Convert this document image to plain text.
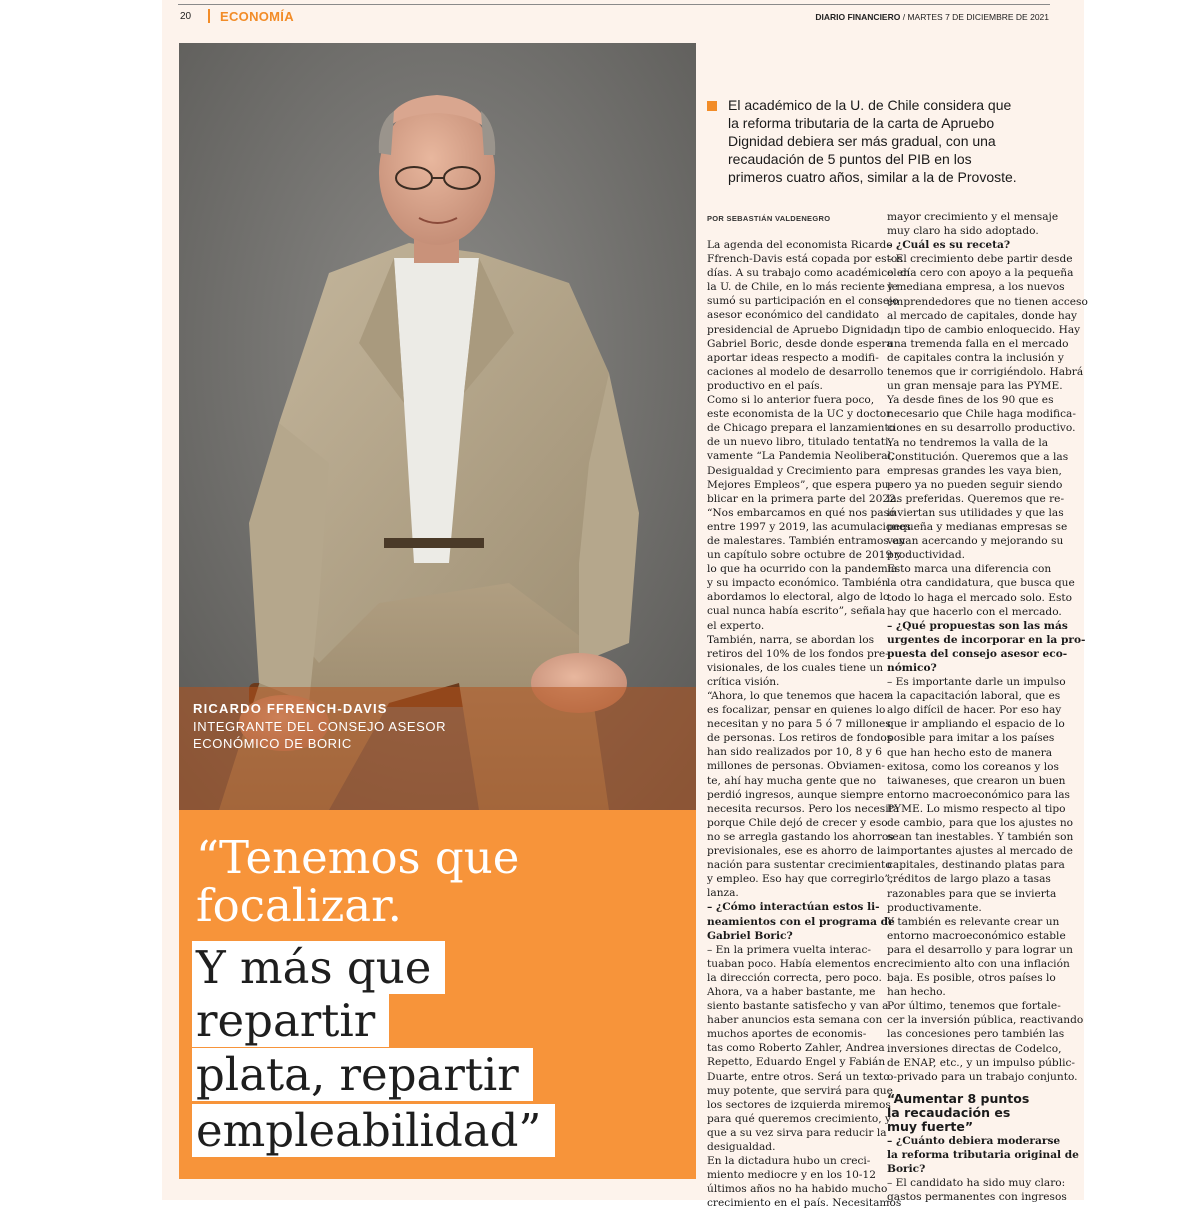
20 ECONOMÍA	DIARIO FINANCIERO / MARTES 7 DE DICIEMBRE DE 2021
RICARDO FFRENCH-DAVIS
INTEGRANTE DEL CONSEJO ASESOR
ECONÓMICO DE BORIC
“Tenemos que
focalizar.
Y más que
repartir
plata, repartir
empleabilidad”
El académico de la U. de Chile considera que
la reforma tributaria de la carta de Apruebo
Dignidad debiera ser más gradual, con una
recaudación de 5 puntos del PIB en los
primeros cuatro años, similar a la de Provoste.
POR SEBASTIÁN VALDENEGRO
La agenda del economista Ricardo
Ffrench-Davis está copada por estos
días. A su trabajo como académico en
la U. de Chile, en lo más reciente le
sumó su participación en el consejo
asesor económico del candidato
presidencial de Apruebo Dignidad,
Gabriel Boric, desde donde espera
aportar ideas respecto a modifi-
caciones al modelo de desarrollo
productivo en el país.
Como si lo anterior fuera poco,
este economista de la UC y doctor
de Chicago prepara el lanzamiento
de un nuevo libro, titulado tentati-
vamente “La Pandemia Neoliberal,
Desigualdad y Crecimiento para
Mejores Empleos”, que espera pu-
blicar en la primera parte del 2022.
“Nos embarcamos en qué nos pasó
entre 1997 y 2019, las acumulaciones
de malestares. También entramos en
un capítulo sobre octubre de 2019 y
lo que ha ocurrido con la pandemia
y su impacto económico. También
abordamos lo electoral, algo de lo
cual nunca había escrito”, señala
el experto.
También, narra, se abordan los
retiros del 10% de los fondos pre-
visionales, de los cuales tiene un
crítica visión.
“Ahora, lo que tenemos que hacer
es focalizar, pensar en quienes lo
necesitan y no para 5 ó 7 millones
de personas. Los retiros de fondos
han sido realizados por 10, 8 y 6
millones de personas. Obviamen-
te, ahí hay mucha gente que no
perdió ingresos, aunque siempre
necesita recursos. Pero los necesita
porque Chile dejó de crecer y eso
no se arregla gastando los ahorros
previsionales, ese es ahorro de la
nación para sustentar crecimiento
y empleo. Eso hay que corregirlo”,
lanza.
– ¿Cómo interactúan estos li-
neamientos con el programa de
Gabriel Boric?
– En la primera vuelta interac-
tuaban poco. Había elementos en
la dirección correcta, pero poco.
Ahora, va a haber bastante, me
siento bastante satisfecho y van a
haber anuncios esta semana con
muchos aportes de economis-
tas como Roberto Zahler, Andrea
Repetto, Eduardo Engel y Fabián
Duarte, entre otros. Será un texto
muy potente, que servirá para que
los sectores de izquierda miremos
para qué queremos crecimiento, y
que a su vez sirva para reducir la
desigualdad.
En la dictadura hubo un creci-
miento mediocre y en los 10-12
últimos años no ha habido mucho
crecimiento en el país. Necesitamos
mayor crecimiento y el mensaje
muy claro ha sido adoptado.
– ¿Cuál es su receta?
– El crecimiento debe partir desde
el día cero con apoyo a la pequeña
y mediana empresa, a los nuevos
emprendedores que no tienen acceso
al mercado de capitales, donde hay
un tipo de cambio enloquecido. Hay
una tremenda falla en el mercado
de capitales contra la inclusión y
tenemos que ir corrigiéndolo. Habrá
un gran mensaje para las PYME.
Ya desde fines de los 90 que es
necesario que Chile haga modifica-
ciones en su desarrollo productivo.
Ya no tendremos la valla de la
Constitución. Queremos que a las
empresas grandes les vaya bien,
pero ya no pueden seguir siendo
las preferidas. Queremos que re-
inviertan sus utilidades y que las
pequeña y medianas empresas se
vayan acercando y mejorando su
productividad.
Esto marca una diferencia con
la otra candidatura, que busca que
todo lo haga el mercado solo. Esto
hay que hacerlo con el mercado.
– ¿Qué propuestas son las más
urgentes de incorporar en la pro-
puesta del consejo asesor eco-
nómico?
– Es importante darle un impulso
a la capacitación laboral, que es
algo difícil de hacer. Por eso hay
que ir ampliando el espacio de lo
posible para imitar a los países
que han hecho esto de manera
exitosa, como los coreanos y los
taiwaneses, que crearon un buen
entorno macroeconómico para las
PYME. Lo mismo respecto al tipo
de cambio, para que los ajustes no
sean tan inestables. Y también son
importantes ajustes al mercado de
capitales, destinando platas para
créditos de largo plazo a tasas
razonables para que se invierta
productivamente.
Y también es relevante crear un
entorno macroeconómico estable
para el desarrollo y para lograr un
crecimiento alto con una inflación
baja. Es posible, otros países lo
han hecho.
Por último, tenemos que fortale-
cer la inversión pública, reactivando
las concesiones pero también las
inversiones directas de Codelco,
de ENAP, etc., y un impulso públic-
o-privado para un trabajo conjunto.
“Aumentar 8 puntos
la recaudación es
muy fuerte”
– ¿Cuánto debiera moderarse
la reforma tributaria original de
Boric?
– El candidato ha sido muy claro:
gastos permanentes con ingresos
